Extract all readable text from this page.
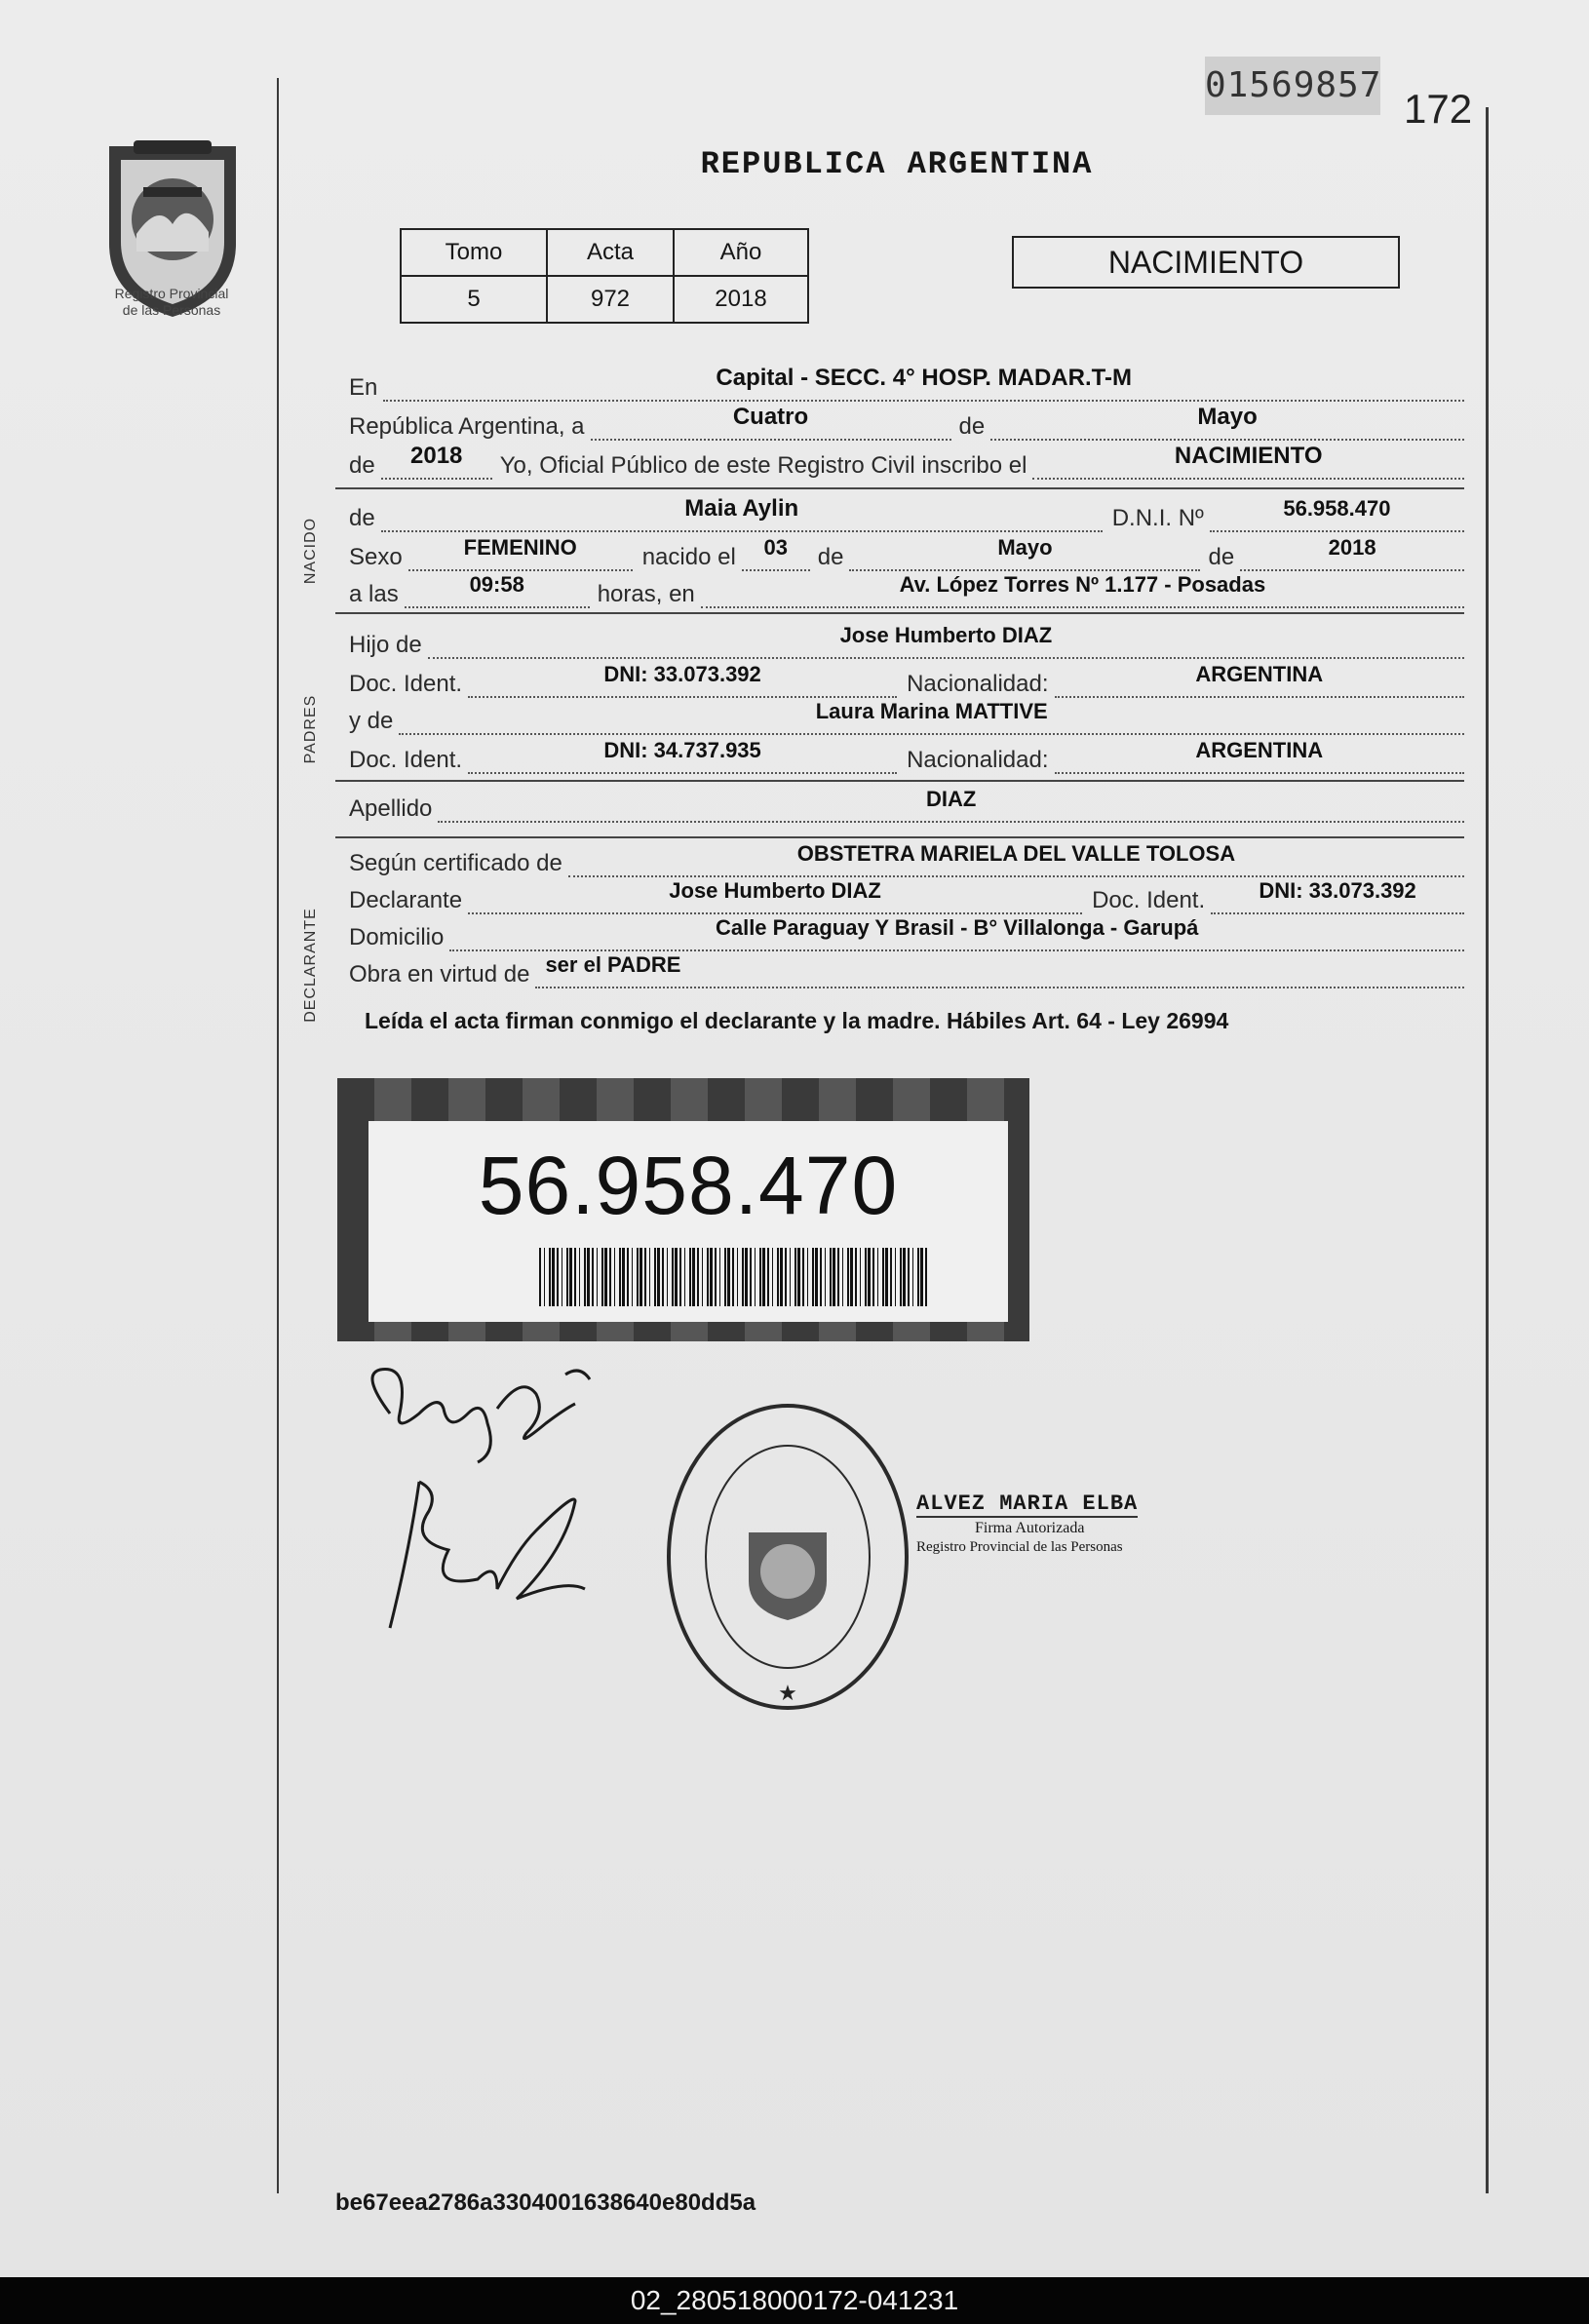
01569857
172
Registro Provincial
de las Personas
REPUBLICA ARGENTINA
Tomo	Acta	Año
5	972	2018
NACIMIENTO
NACIDO
PADRES
DECLARANTE
En	Capital - SECC. 4° HOSP. MADAR.T-M
República Argentina, a	Cuatro	de	Mayo
de 2018	Yo, Oficial Público de este Registro Civil inscribo el	NACIMIENTO
de	Maia Aylin	D.N.I. Nº	56.958.470
Sexo	FEMENINO	nacido el 03	de	Mayo	de	2018
a las	09:58	horas, en	Av. López Torres Nº 1.177 - Posadas
Hijo de	Jose Humberto DIAZ
Doc. Ident.	DNI: 33.073.392	Nacionalidad:	ARGENTINA
y de	Laura Marina MATTIVE
Doc. Ident.	DNI: 34.737.935	Nacionalidad:	ARGENTINA
Apellido	DIAZ
Según certificado de	OBSTETRA MARIELA DEL VALLE TOLOSA
Declarante	Jose Humberto DIAZ	Doc. Ident.	DNI: 33.073.392
Domicilio	Calle Paraguay Y Brasil - B° Villalonga - Garupá
Obra en virtud de ser el PADRE
Leída el acta firman conmigo el declarante y la madre. Hábiles Art. 64 - Ley 26994
56.958.470
★
ALVEZ MARIA ELBA
Firma Autorizada
Registro Provincial de las Personas
be67eea2786a3304001638640e80dd5a
02_280518000172-041231
